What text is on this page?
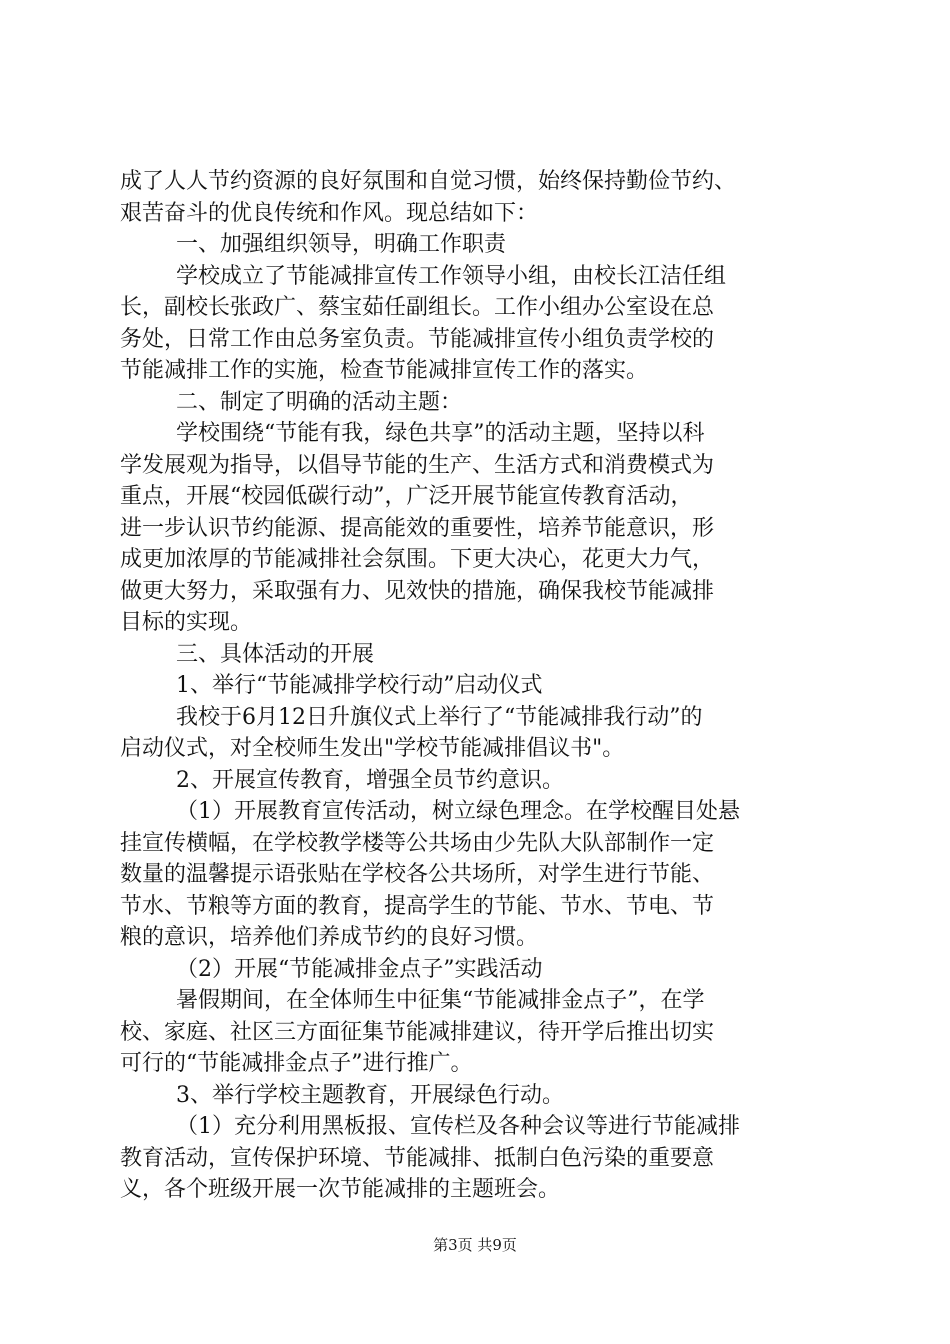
成了人人节约资源的良好氛围和自觉习惯，始终保持勤俭节约、
艰苦奋斗的优良传统和作风。现总结如下：
一、加强组织领导，明确工作职责
学校成立了节能减排宣传工作领导小组，由校长江洁任组
长，副校长张政广、蔡宝茹任副组长。工作小组办公室设在总
务处，日常工作由总务室负责。节能减排宣传小组负责学校的
节能减排工作的实施，检查节能减排宣传工作的落实。
二、制定了明确的活动主题：
学校围绕“节能有我，绿色共享”的活动主题，坚持以科
学发展观为指导，以倡导节能的生产、生活方式和消费模式为
重点，开展“校园低碳行动”，广泛开展节能宣传教育活动，
进一步认识节约能源、提高能效的重要性，培养节能意识，形
成更加浓厚的节能减排社会氛围。下更大决心，花更大力气，
做更大努力，采取强有力、见效快的措施，确保我校节能减排
目标的实现。
三、具体活动的开展
1、举行“节能减排学校行动”启动仪式
我校于6月12日升旗仪式上举行了“节能减排我行动”的
启动仪式，对全校师生发出"学校节能减排倡议书"。
2、开展宣传教育，增强全员节约意识。
（1）开展教育宣传活动，树立绿色理念。在学校醒目处悬
挂宣传横幅，在学校教学楼等公共场由少先队大队部制作一定
数量的温馨提示语张贴在学校各公共场所，对学生进行节能、
节水、节粮等方面的教育，提高学生的节能、节水、节电、节
粮的意识，培养他们养成节约的良好习惯。
（2）开展“节能减排金点子”实践活动
暑假期间，在全体师生中征集“节能减排金点子”，在学
校、家庭、社区三方面征集节能减排建议，待开学后推出切实
可行的“节能减排金点子”进行推广。
3、举行学校主题教育，开展绿色行动。
（1）充分利用黑板报、宣传栏及各种会议等进行节能减排
教育活动，宣传保护环境、节能减排、抵制白色污染的重要意
义，各个班级开展一次节能减排的主题班会。
第3页 共9页
